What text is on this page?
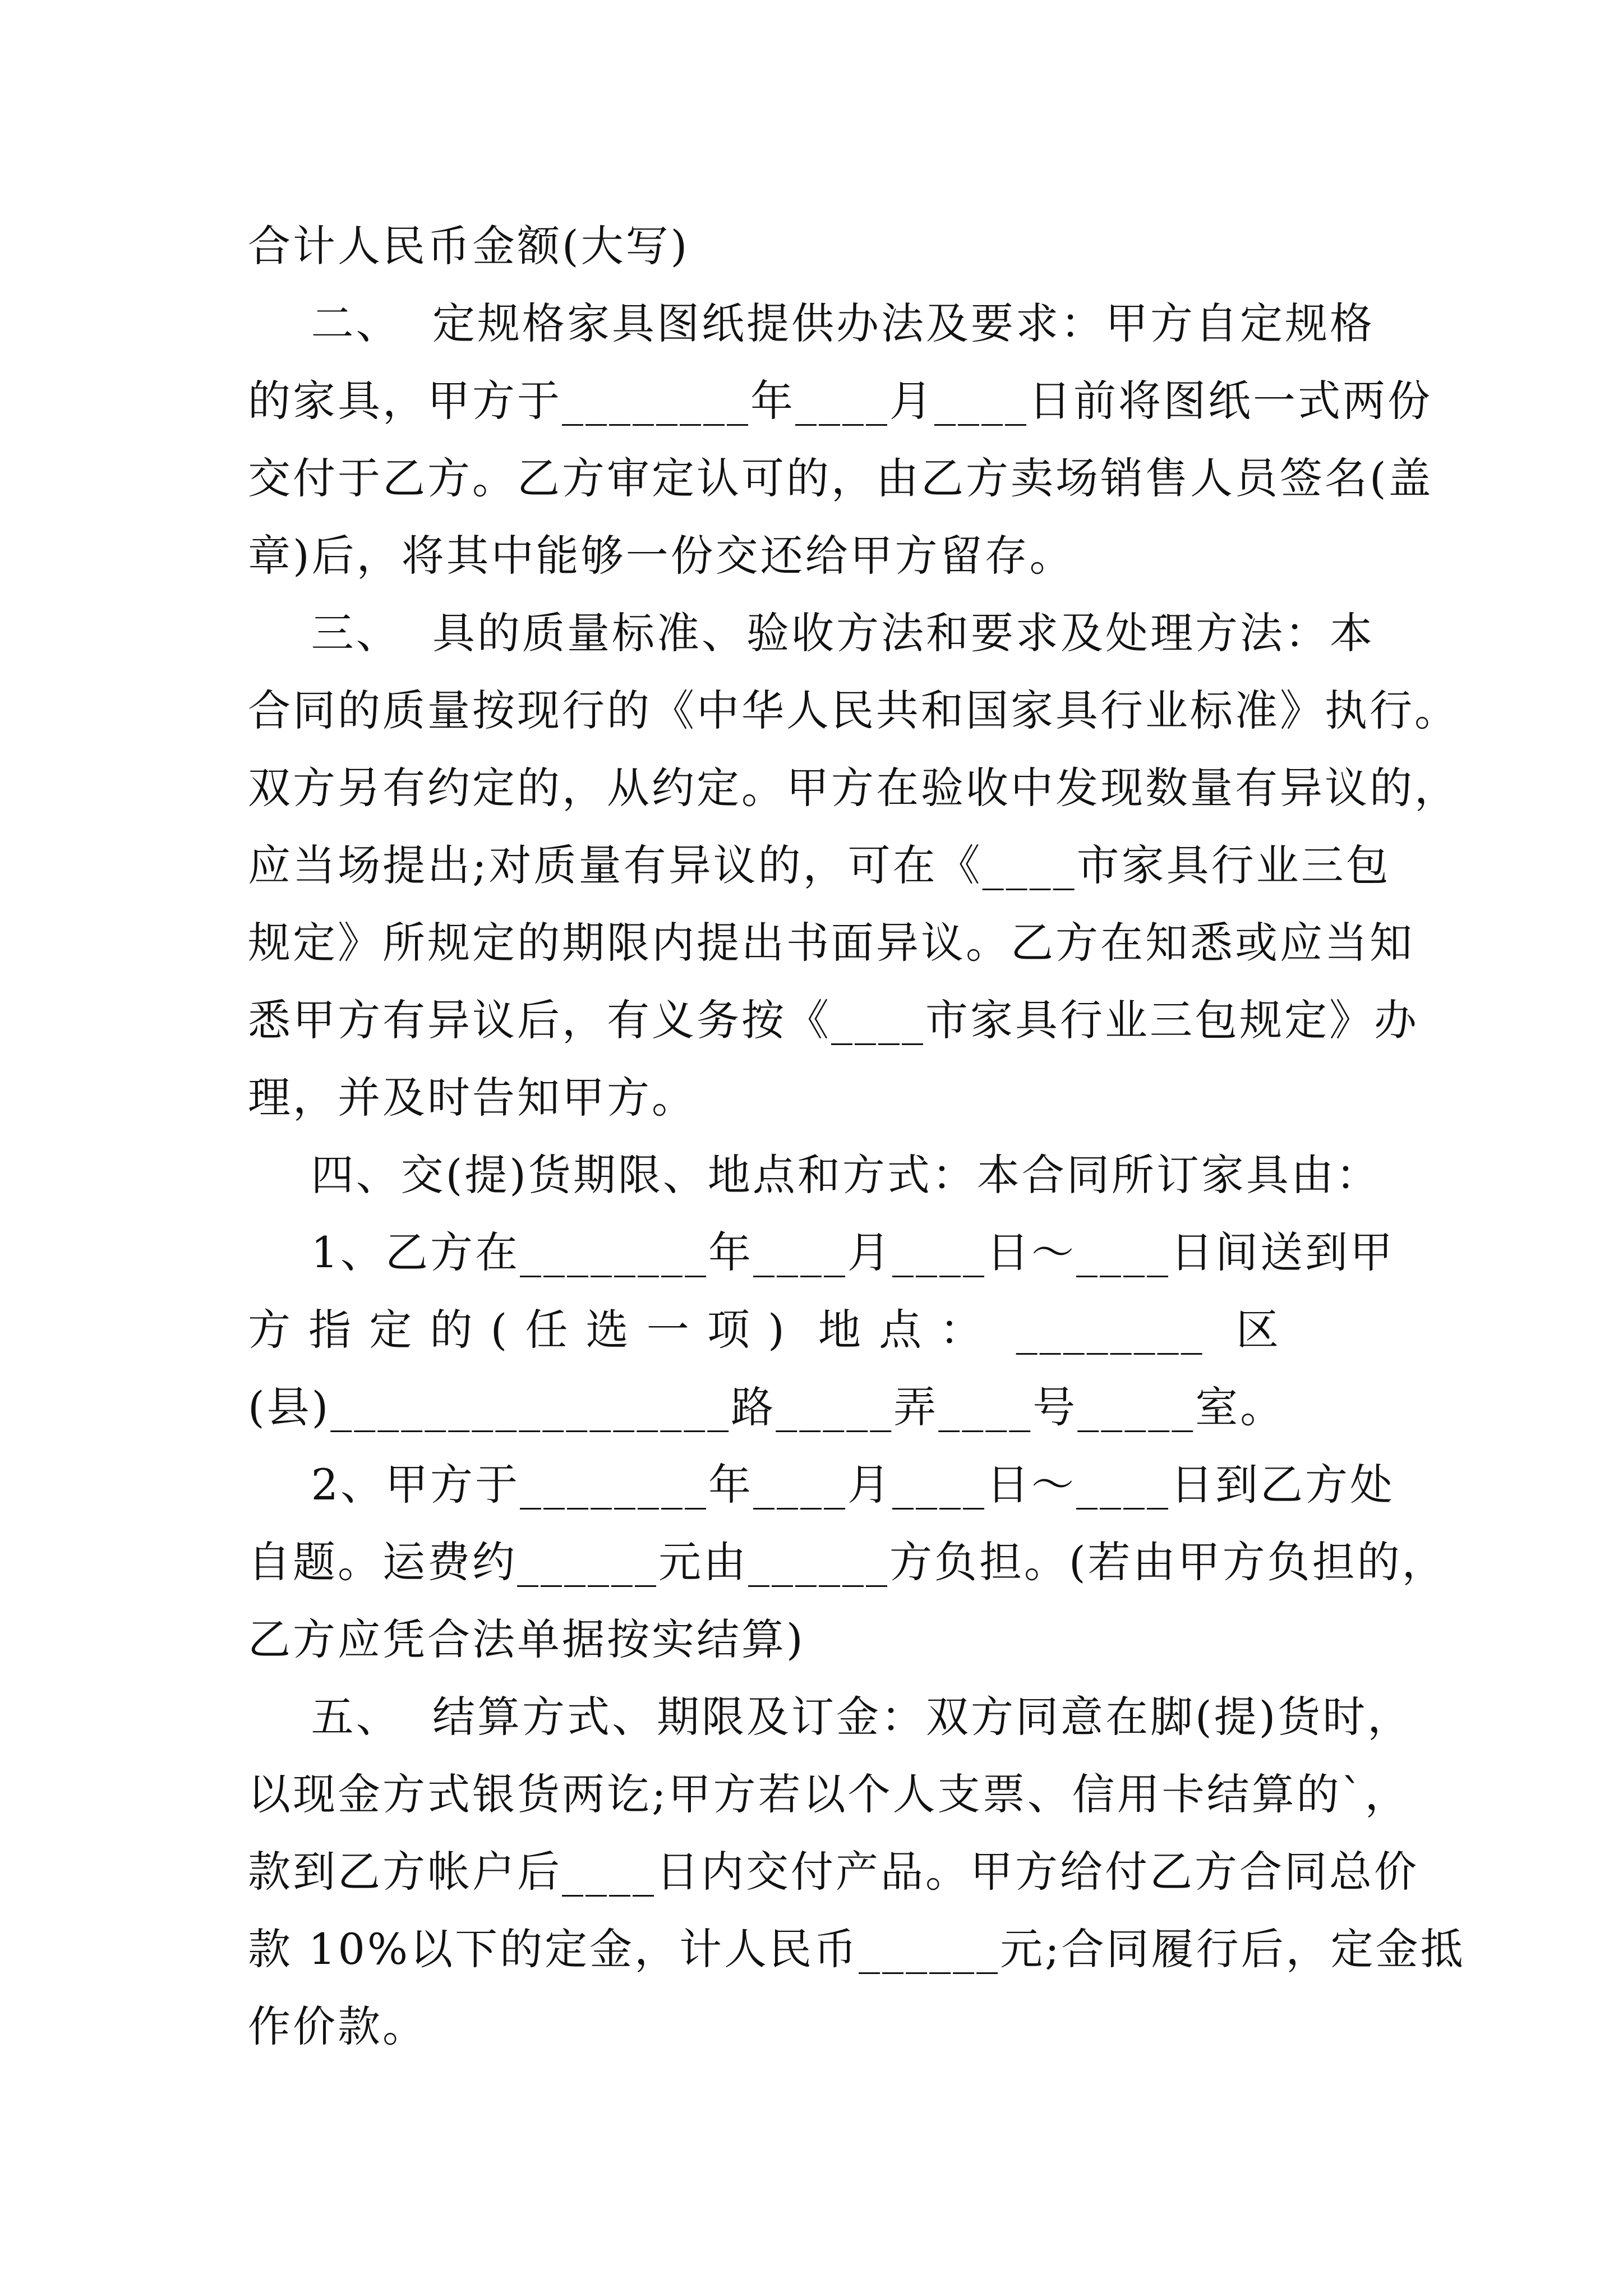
合计人民币金额(大写)
二、  定规格家具图纸提供办法及要求：甲方自定规格
的家具，甲方于________年____月____日前将图纸一式两份
交付于乙方。乙方审定认可的，由乙方卖场销售人员签名(盖
章)后，将其中能够一份交还给甲方留存。
三、  具的质量标准、验收方法和要求及处理方法：本
合同的质量按现行的《中华人民共和国家具行业标准》执行。
双方另有约定的，从约定。甲方在验收中发现数量有异议的，
应当场提出;对质量有异议的，可在《____市家具行业三包
规定》所规定的期限内提出书面异议。乙方在知悉或应当知
悉甲方有异议后，有义务按《____市家具行业三包规定》办
理，并及时告知甲方。
四、交(提)货期限、地点和方式：本合同所订家具由：
1、乙方在________年____月____日～____日间送到甲
方 指 定 的 ( 任 选 一 项 )  地 点 ：  ________  区
(县)_________________路_____弄____号_____室。
2、甲方于________年____月____日～____日到乙方处
自题。运费约______元由______方负担。(若由甲方负担的，
乙方应凭合法单据按实结算)
五、  结算方式、期限及订金：双方同意在脚(提)货时，
以现金方式银货两讫;甲方若以个人支票、信用卡结算的`，
款到乙方帐户后____日内交付产品。甲方给付乙方合同总价
款 10%以下的定金，计人民币______元;合同履行后，定金抵
作价款。
